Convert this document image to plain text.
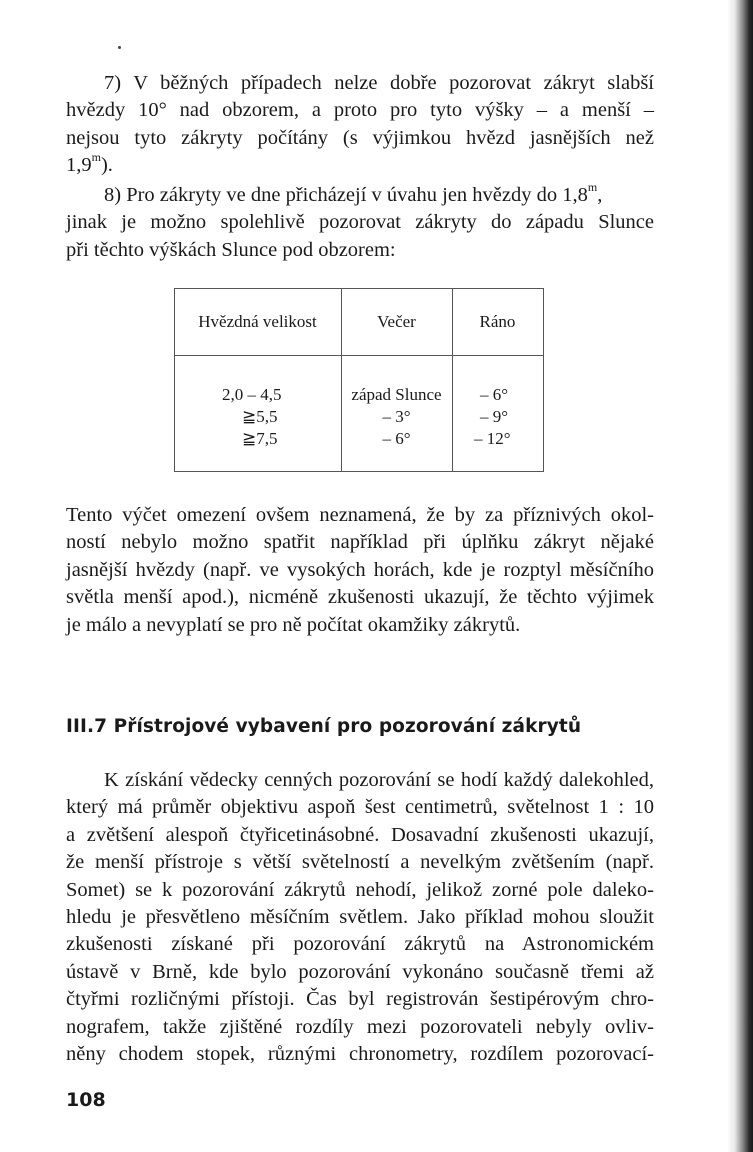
7) V běžných případech nelze dobře pozorovat zákryt slabší
hvězdy 10° nad obzorem, a proto pro tyto výšky – a menší –
nejsou tyto zákryty počítány (s výjimkou hvězd jasnějších než
1,9$^m$).
8) Pro zákryty ve dne přicházejí v úvahu jen hvězdy do 1,8$^m$,
jinak je možno spolehlivě pozorovat zákryty do západu Slunce
při těchto výškách Slunce pod obzorem:
Hvězdná velikost	Večer	Ráno
2,0 – 4,5
≧5,5
≧7,5
západ Slunce
– 3°
– 6°
– 6°
– 9°
– 12°
Tento výčet omezení ovšem neznamená, že by za příznivých okol-
ností nebylo možno spatřit například při úplňku zákryt nějaké
jasnější hvězdy (např. ve vysokých horách, kde je rozptyl měsíčního
světla menší apod.), nicméně zkušenosti ukazují, že těchto výjimek
je málo a nevyplatí se pro ně počítat okamžiky zákrytů.
III.7 Přístrojové vybavení pro pozorování zákrytů
K získání vědecky cenných pozorování se hodí každý dalekohled,
který má průměr objektivu aspoň šest centimetrů, světelnost 1 : 10
a zvětšení alespoň čtyřicetinásobné. Dosavadní zkušenosti ukazují,
že menší přístroje s větší světelností a nevelkým zvětšením (např.
Somet) se k pozorování zákrytů nehodí, jelikož zorné pole daleko-
hledu je přesvětleno měsíčním světlem. Jako příklad mohou sloužit
zkušenosti získané při pozorování zákrytů na Astronomickém
ústavě v Brně, kde bylo pozorování vykonáno současně třemi až
čtyřmi rozličnými přístoji. Čas byl registrován šestipérovým chro-
nografem, takže zjištěné rozdíly mezi pozorovateli nebyly ovliv-
něny chodem stopek, různými chronometry, rozdílem pozorovací-
108
